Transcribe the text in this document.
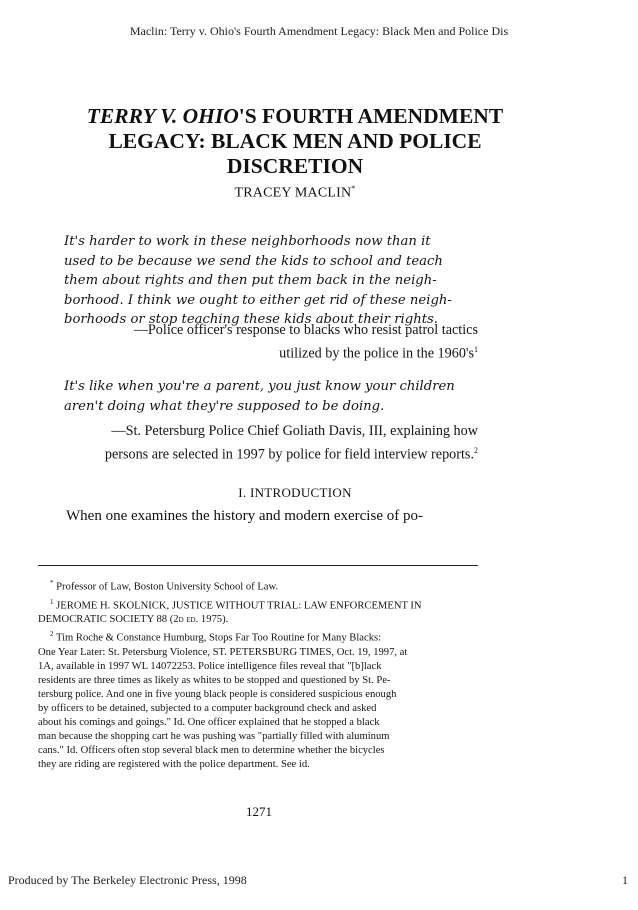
Maclin: Terry v. Ohio's Fourth Amendment Legacy: Black Men and Police Dis
TERRY V. OHIO'S FOURTH AMENDMENT
LEGACY: BLACK MEN AND POLICE
DISCRETION
TRACEY MACLIN*
It's harder to work in these neighborhoods now than it
used to be because we send the kids to school and teach
them about rights and then put them back in the neigh-
borhood. I think we ought to either get rid of these neigh-
borhoods or stop teaching these kids about their rights.
—Police officer's response to blacks who resist patrol tactics
utilized by the police in the $1960's^1$
It's like when you're a parent, you just know your children
aren't doing what they're supposed to be doing.
—St. Petersburg Police Chief Goliath Davis, III, explaining how
persons are selected in 1997 by police for field interview reports.$^2$
I. INTRODUCTION
When one examines the history and modern exercise of po-
* Professor of Law, Boston University School of Law.
$^1$ JEROME H. SKOLNICK, JUSTICE WITHOUT TRIAL: LAW ENFORCEMENT IN
DEMOCRATIC SOCIETY 88 (2d ed. 1975).
$^2$ Tim Roche & Constance Humburg, Stops Far Too Routine for Many Blacks:
One Year Later: St. Petersburg Violence, ST. PETERSBURG TIMES, Oct. 19, 1997, at
1A, available in 1997 WL 14072253. Police intelligence files reveal that "[b]lack
residents are three times as likely as whites to be stopped and questioned by St. Pe-
tersburg police. And one in five young black people is considered suspicious enough
by officers to be detained, subjected to a computer background check and asked
about his comings and goings." Id. One officer explained that he stopped a black
man because the shopping cart he was pushing was "partially filled with aluminum
cans." Id. Officers often stop several black men to determine whether the bicycles
they are riding are registered with the police department. See id.
1271
Produced by The Berkeley Electronic Press, 1998	1
